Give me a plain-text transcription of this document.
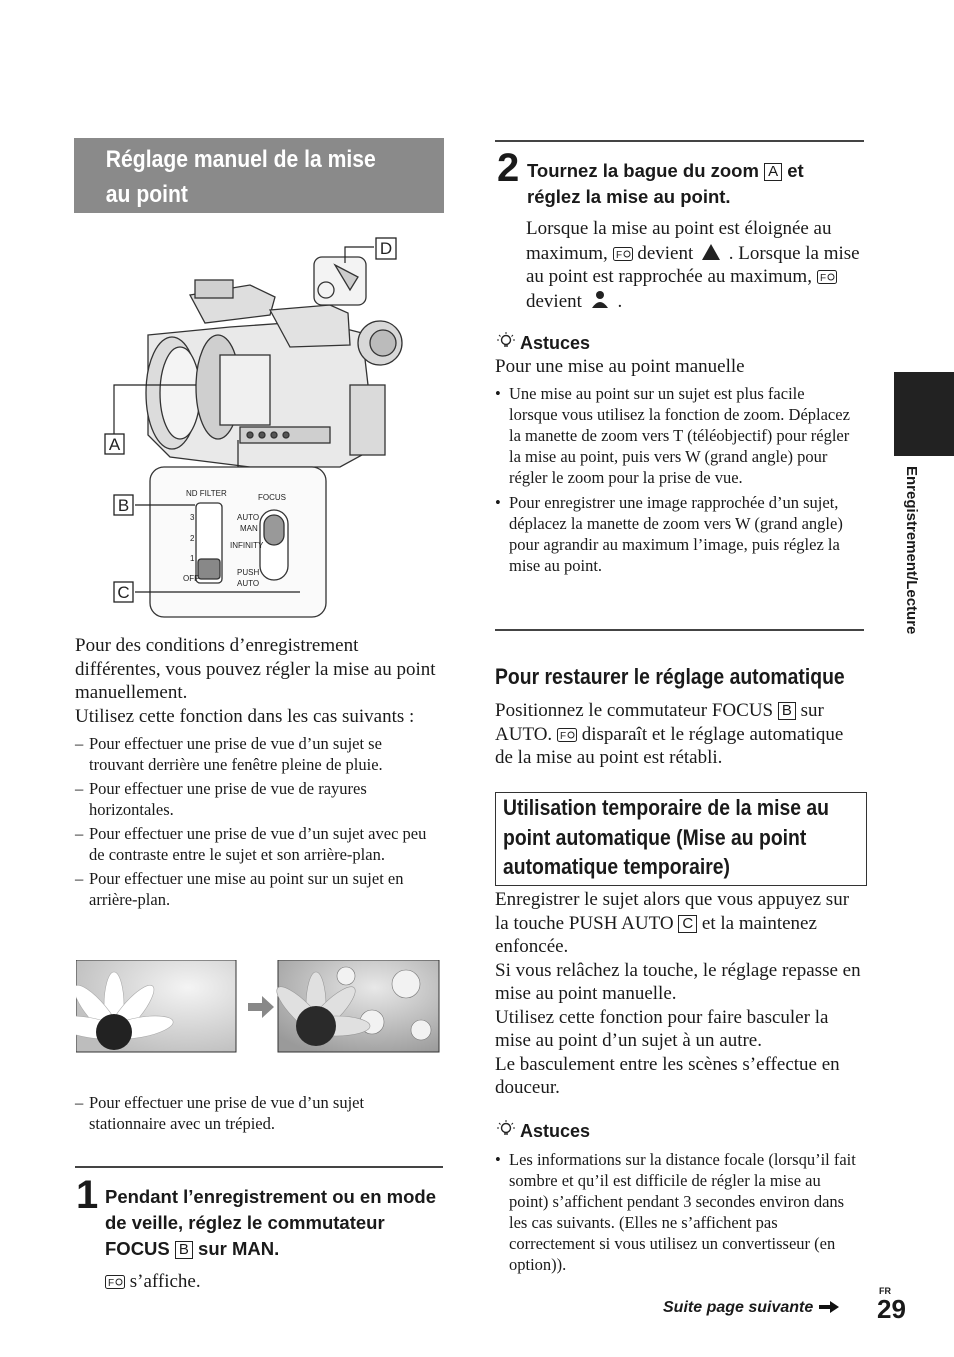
Réglage manuel de la mise au point
ND FILTER	FOCUS
AUTO
MAN
INFINITY
PUSH
AUTO
3
2
1
OFF
A
B
C
D
Pour des conditions d’enregistrement différentes, vous pouvez régler la mise au point manuellement.
Utilisez cette fonction dans les cas suivants :
– Pour effectuer une prise de vue d’un sujet se trouvant derrière une fenêtre pleine de pluie.
– Pour effectuer une prise de vue de rayures horizontales.
– Pour effectuer une prise de vue d’un sujet avec peu de contraste entre le sujet et son arrière-plan.
– Pour effectuer une mise au point sur un sujet en arrière-plan.
– Pour effectuer une prise de vue d’un sujet stationnaire avec un trépied.
1 Pendant l’enregistrement ou en mode de veille, réglez le commutateur FOCUS B sur MAN.
F s’affiche.
2 Tournez la bague du zoom A et réglez la mise au point.
Lorsque la mise au point est éloignée au maximum, F devient . Lorsque la mise au point est rapprochée au maximum, F
devient .
Astuces
Pour une mise au point manuelle
• Une mise au point sur un sujet est plus facile lorsque vous utilisez la fonction de zoom. Déplacez la manette de zoom vers T (téléobjectif) pour régler la mise au point, puis vers W (grand angle) pour régler le zoom pour la prise de vue.
• Pour enregistrer une image rapprochée d’un sujet, déplacez la manette de zoom vers W (grand angle) pour agrandir au maximum l’image, puis réglez la mise au point.
Pour restaurer le réglage automatique
Positionnez le commutateur FOCUS B sur AUTO. F disparaît et le réglage automatique de la mise au point est rétabli.
Utilisation temporaire de la mise au point automatique (Mise au point automatique temporaire)
Enregistrer le sujet alors que vous appuyez sur la touche PUSH AUTO C et la maintenez enfoncée.
Si vous relâchez la touche, le réglage repasse en mise au point manuelle.
Utilisez cette fonction pour faire basculer la mise au point d’un sujet à un autre.
Le basculement entre les scènes s’effectue en douceur.
Astuces
• Les informations sur la distance focale (lorsqu’il fait sombre et qu’il est difficile de régler la mise au point) s’affichent pendant 3 secondes environ dans les cas suivants. (Elles ne s’affichent pas correctement si vous utilisez un convertisseur (en option)).
Enregistrement/Lecture
Suite page suivante
FR
29
